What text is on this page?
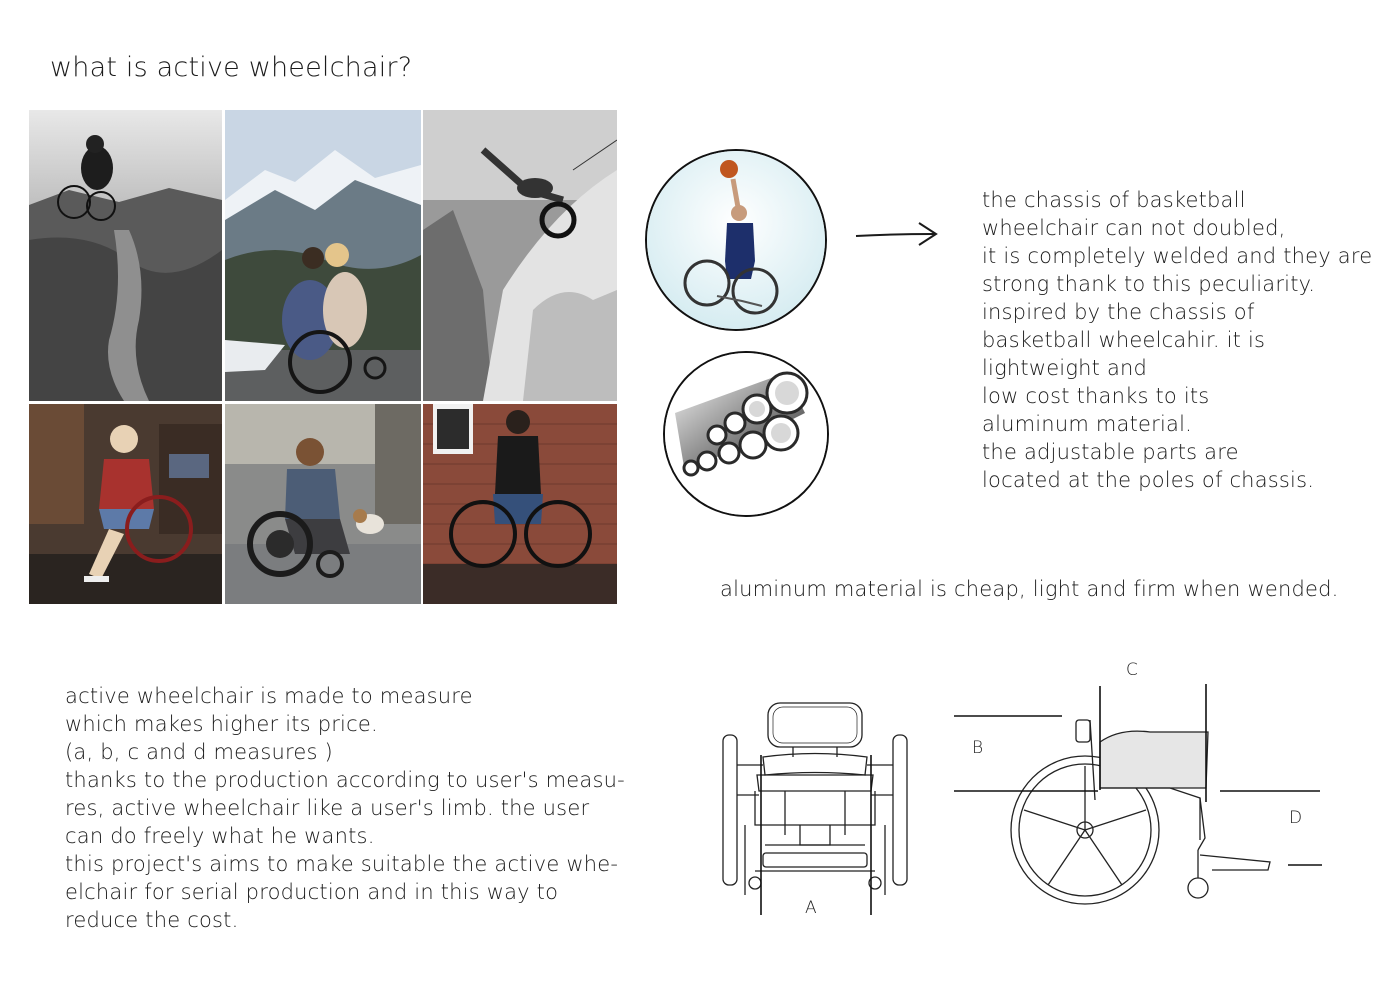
what is active wheelchair?
the chassis of basketball
wheelchair can not doubled,
it is completely welded and they are
strong thank to this peculiarity.
inspired by the chassis of
basketball wheelcahir. it is
lightweight and
low cost thanks to its
aluminum material.
the adjustable parts are
located at the poles of chassis.
aluminum material is cheap, light and firm when wended.
active wheelchair is made to measure
which makes higher its price.
(a, b, c and d measures )
thanks to the production according to user's measu-
res, active wheelchair like a user's limb. the user
can do freely what he wants.
this project's aims to make suitable the active whe-
elchair for serial production and in this way to
reduce the cost.	A
C
B
D
